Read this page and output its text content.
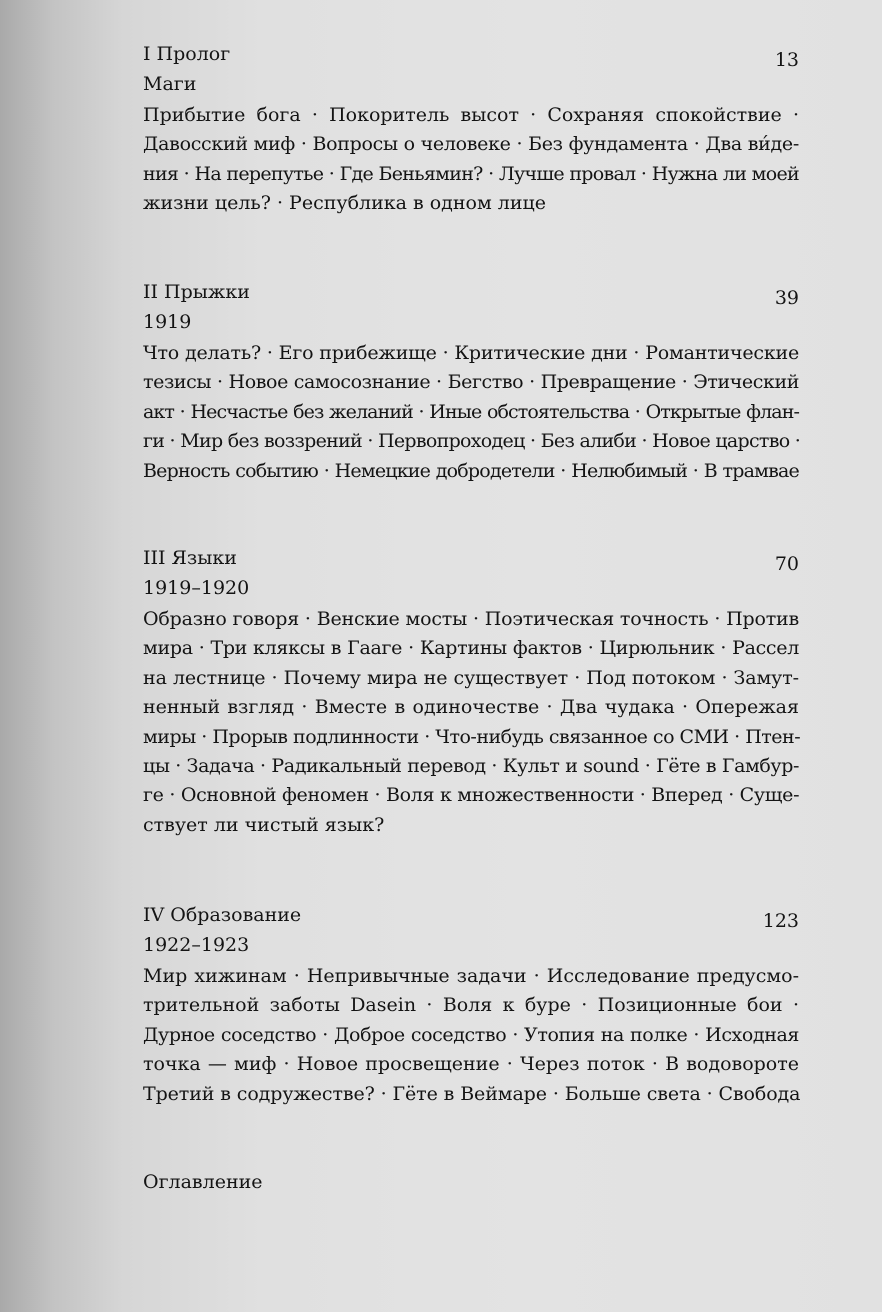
I Пролог	13
Маги
Прибытие бога · Покоритель высот · Сохраняя спокойствие ·
Давосский миф · Вопросы о человеке · Без фундамента · Два ви́де-
ния · На перепутье · Где Беньямин? · Лучше провал · Нужна ли моей
жизни цель? · Республика в одном лице
II Прыжки	39
1919
Что делать? · Его прибежище · Критические дни · Романтические
тезисы · Новое самосознание · Бегство · Превращение · Этический
акт · Несчастье без желаний · Иные обстоятельства · Открытые флан-
ги · Мир без воззрений · Первопроходец · Без алиби · Новое царство ·
Верность событию · Немецкие добродетели · Нелюбимый · В трамвае
III Языки	70
1919–1920
Образно говоря · Венские мосты · Поэтическая точность · Против
мира · Три кляксы в Гааге · Картины фактов · Цирюльник · Рассел
на лестнице · Почему мира не существует · Под потоком · Замут-
ненный взгляд · Вместе в одиночестве · Два чудака · Опережая
миры · Прорыв подлинности · Что-нибудь связанное со СМИ · Птен-
цы · Задача · Радикальный перевод · Культ и sound · Гёте в Гамбур-
ге · Основной феномен · Воля к множественности · Вперед · Суще-
ствует ли чистый язык?
IV Образование	123
1922–1923
Мир хижинам · Непривычные задачи · Исследование предусмо-
трительной заботы Dasein · Воля к буре · Позиционные бои ·
Дурное соседство · Доброе соседство · Утопия на полке · Исходная
точка — миф · Новое просвещение · Через поток · В водовороте
Третий в содружестве? · Гёте в Веймаре · Больше света · Свобода
Оглавление
